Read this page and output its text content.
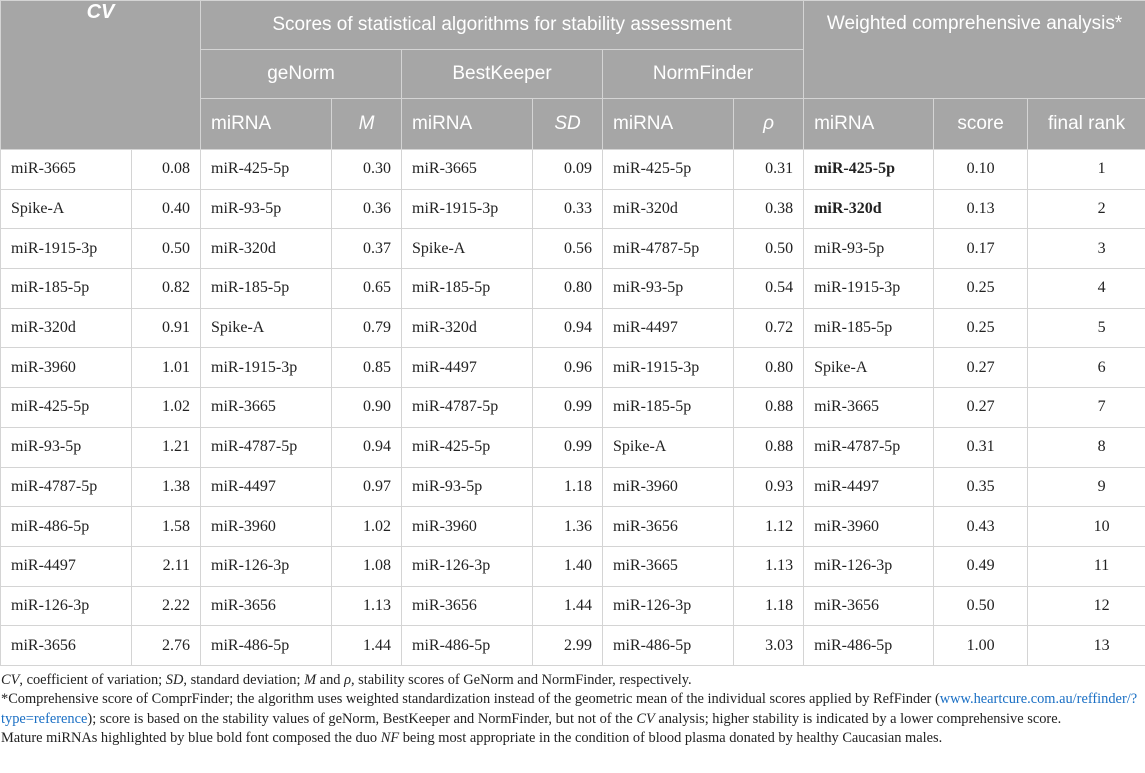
CV		Scores of statistical algorithms for stability assessment						Weighted comprehensive analysis*		
		geNorm		BestKeeper		NormFinder				
		miRNA	M	miRNA	SD	miRNA	ρ	miRNA	score	final rank
miR-3665	0.08	miR-425-5p	0.30	miR-3665	0.09	miR-425-5p	0.31	miR-425-5p	0.10	1
Spike-A	0.40	miR-93-5p	0.36	miR-1915-3p	0.33	miR-320d	0.38	miR-320d	0.13	2
miR-1915-3p	0.50	miR-320d	0.37	Spike-A	0.56	miR-4787-5p	0.50	miR-93-5p	0.17	3
miR-185-5p	0.82	miR-185-5p	0.65	miR-185-5p	0.80	miR-93-5p	0.54	miR-1915-3p	0.25	4
miR-320d	0.91	Spike-A	0.79	miR-320d	0.94	miR-4497	0.72	miR-185-5p	0.25	5
miR-3960	1.01	miR-1915-3p	0.85	miR-4497	0.96	miR-1915-3p	0.80	Spike-A	0.27	6
miR-425-5p	1.02	miR-3665	0.90	miR-4787-5p	0.99	miR-185-5p	0.88	miR-3665	0.27	7
miR-93-5p	1.21	miR-4787-5p	0.94	miR-425-5p	0.99	Spike-A	0.88	miR-4787-5p	0.31	8
miR-4787-5p	1.38	miR-4497	0.97	miR-93-5p	1.18	miR-3960	0.93	miR-4497	0.35	9
miR-486-5p	1.58	miR-3960	1.02	miR-3960	1.36	miR-3656	1.12	miR-3960	0.43	10
miR-4497	2.11	miR-126-3p	1.08	miR-126-3p	1.40	miR-3665	1.13	miR-126-3p	0.49	11
miR-126-3p	2.22	miR-3656	1.13	miR-3656	1.44	miR-126-3p	1.18	miR-3656	0.50	12
miR-3656	2.76	miR-486-5p	1.44	miR-486-5p	2.99	miR-486-5p	3.03	miR-486-5p	1.00	13

CV, coefficient of variation; SD, standard deviation; M and ρ, stability scores of GeNorm and NormFinder, respectively.

*Comprehensive score of ComprFinder; the algorithm uses weighted standardization instead of the geometric mean of the individual scores applied by RefFinder (www.heartcure.com.au/reffinder/?type=reference); score is based on the stability values of geNorm, BestKeeper and NormFinder, but not of the CV analysis; higher stability is indicated by a lower comprehensive score.

Mature miRNAs highlighted by blue bold font composed the duo NF being most appropriate in the condition of blood plasma donated by healthy Caucasian males.
